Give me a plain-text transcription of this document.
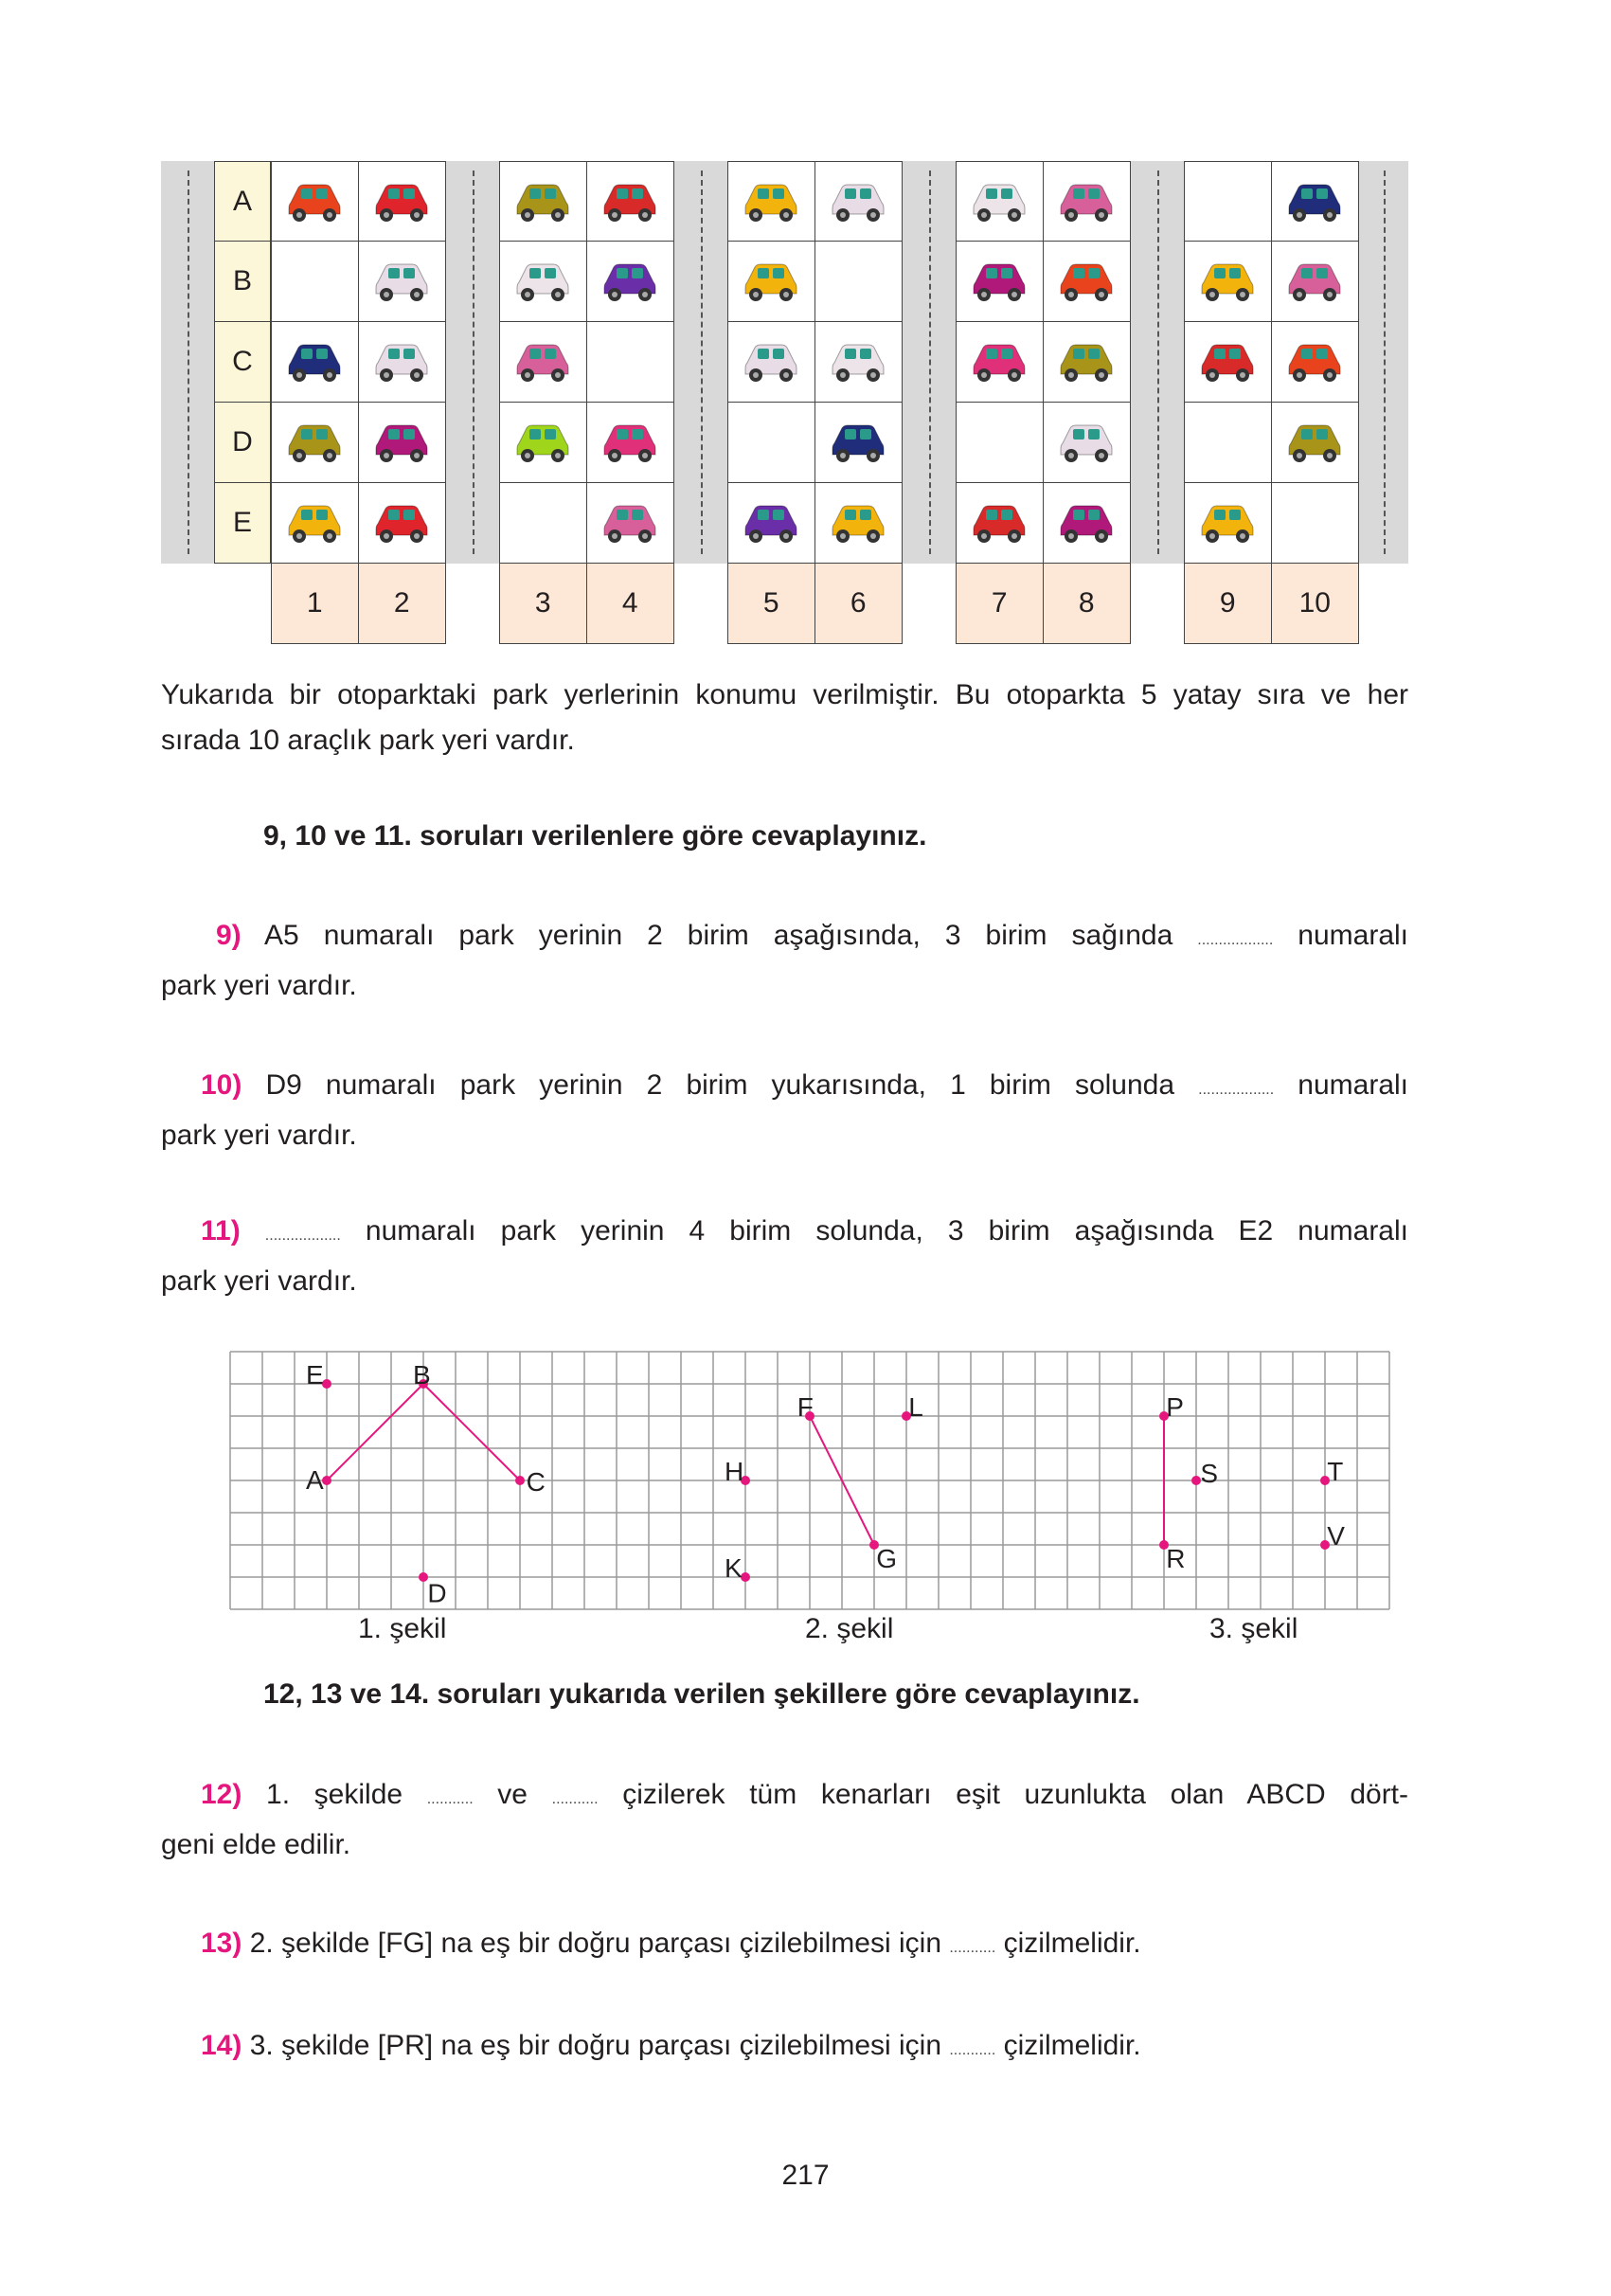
A
B
C
D
E
1	2	3	4	5	6	7	8	9	10
Yukarıda bir otoparktaki park yerlerinin konumu verilmiştir. Bu otoparkta 5 yatay sıra ve her
sırada 10 araçlık park yeri vardır.
9, 10 ve 11. soruları verilenlere göre cevaplayınız.
9) A5 numaralı park yerinin 2 birim aşağısında, 3 birim sağında .................. numaralı
park yeri vardır.
10) D9 numaralı park yerinin 2 birim yukarısında, 1 birim solunda .................. numaralı
park yeri vardır.
11) .................. numaralı park yerinin 4 birim solunda, 3 birim aşağısında E2 numaralı
park yeri vardır.
E	B
A	C
D
H
K
F	L
G
P
R
S	T
V
1. şekil	2. şekil	3. şekil
12, 13 ve 14. soruları yukarıda verilen şekillere göre cevaplayınız.
12) 1. şekilde ........... ve ........... çizilerek tüm kenarları eşit uzunlukta olan ABCD dört-
geni elde edilir.
13) 2. şekilde [FG] na eş bir doğru parçası çizilebilmesi için ........... çizilmelidir.
14) 3. şekilde [PR] na eş bir doğru parçası çizilebilmesi için ........... çizilmelidir.
217
